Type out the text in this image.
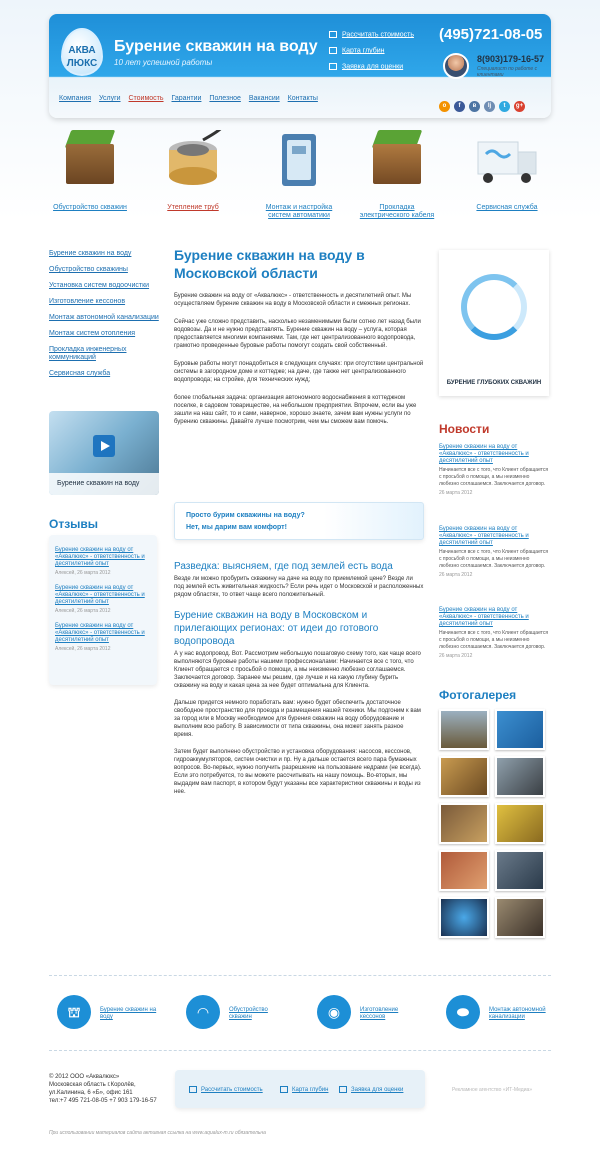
АКВА
ЛЮКС
Бурение скважин на воду
10 лет успешной работы
Рассчитать стоимость
Карта глубин
Заявка для оценки
(495)721-08-05
8(903)179-16-57
Специалист по работе с клиентами
Компания Услуги Стоимость Гарантии Полезное Вакансии Контакты
o f в lj t g+
Обустройство скважин	Утепление труб	Монтаж и настройка систем автоматики
Прокладка электрического кабеля
Сервисная служба
Бурение скважин на воду
Обустройство скважины
Установка систем водоочистки
Изготовление кессонов
Монтаж автономной канализации
Монтаж систем отопления
Прокладка инженерных коммуникаций
Сервисная служба
Бурение скважин на воду
Отзывы
Бурение скважин на воду от «Аквалюкс» - ответственность и десятилетний опыт
Алексей, 26 марта 2012
Бурение скважин на воду от «Аквалюкс» - ответственность и десятилетний опыт
Алексей, 26 марта 2012
Бурение скважин на воду от «Аквалюкс» - ответственность и десятилетний опыт
Алексей, 26 марта 2012
Бурение скважин на воду в Московской области

Бурение скважин на воду от «Аквалюкс» - ответственность и десятилетний опыт. Мы осуществляем бурение скважин на воду в Московской области и смежных регионах.

Сейчас уже сложно представить, насколько незаменимыми были сотню лет назад были водовозы. Да и не нужно представлять. Бурение скважин на воду – услуга, которая предоставляется многими компаниями. Там, где нет централизованного водопровода, грамотно проведенные буровые работы помогут создать свой собственный.

Буровые работы могут понадобиться в следующих случаях: при отсутствии центральной системы в загородном доме и коттедже; на даче, где также нет централизованного водопровода; на стройке, для технических нужд;

более глобальная задача: организация автономного водоснабжения в коттеджном поселке, в садовом товариществе, на небольшом предприятии. Впрочем, если вы уже зашли на наш сайт, то и сами, наверное, хорошо знаете, зачем вам нужны услуги по бурению скважины. Давайте лучше посмотрим, чем мы сможем вам помочь.

Просто бурим скважины на воду?
Нет, мы дарим вам комфорт!
Разведка: выясняем, где под землей есть вода

Везде ли можно пробурить скважину на даче на воду по приемлемой цене? Везде ли под землей есть живительная жидкость? Если речь идет о Московской и расположенных рядом областях, то ответ чаще всего положительный.

Бурение скважин на воду в Московском и прилегающих регионах: от идеи до готового водопровода

А у нас водопровод. Вот. Рассмотрим небольшую пошаговую схему того, как чаще всего выполняются буровые работы нашими профессионалами: Начинается все с того, что Клиент обращается с просьбой о помощи, а мы неизменно любезно соглашаемся. Заключается договор. Заранее мы решим, где лучше и на какую глубину бурить скважину на воду и какая цена за нее будет оптимальна для Клиента.

Дальше придется немного поработать вам: нужно будет обеспечить достаточное свободное пространство для проезда и размещения нашей техники. Мы подгоним к вам за город или в Москву необходимое для бурения скважин на воду оборудование и выполним всю работу. В зависимости от типа скважины, она может занять разное время.

Затем будет выполнено обустройство и установка оборудования: насосов, кессонов, гидроаккумуляторов, систем очистки и пр. Ну а дальше остается всего пара бумажных вопросов. Во-первых, нужно получить разрешение на пользование недрами (не всегда). Если это потребуется, то вы можете рассчитывать на нашу помощь. Во-вторых, мы выдадим вам паспорт, в котором будут указаны все характеристики скважины и воды из нее.

БУРЕНИЕ ГЛУБОКИХ СКВАЖИН
Новости
Бурение скважин на воду от «Аквалюкс» - ответственность и десятилетний опыт
Начинается все с того, что Клиент обращается с просьбой о помощи, а мы неизменно любезно соглашаемся. Заключается договор.
26 марта 2012
Бурение скважин на воду от «Аквалюкс» - ответственность и десятилетний опыт
Начинается все с того, что Клиент обращается с просьбой о помощи, а мы неизменно любезно соглашаемся. Заключается договор.
26 марта 2012
Бурение скважин на воду от «Аквалюкс» - ответственность и десятилетний опыт
Начинается все с того, что Клиент обращается с просьбой о помощи, а мы неизменно любезно соглашаемся. Заключается договор.
26 марта 2012
Фотогалерея
⛫	Бурение скважин на воду	◠	Обустройство скважин	◉	Изготовление кессонов	⬬	Монтаж автономной канализации
© 2012 ООО «Аквалюкс»
Московская область г.Королёв,
ул.Калинина, 6 «Б», офис 161
тел:+7 495 721-08-05 +7 903 179-16-57
Рассчитать стоимость	Карта глубин	Заявка для оценки	Рекламное агентство «ИТ-Медиа»
При использовании материалов сайта активная ссылка на www.aqualux-m.ru обязательна
